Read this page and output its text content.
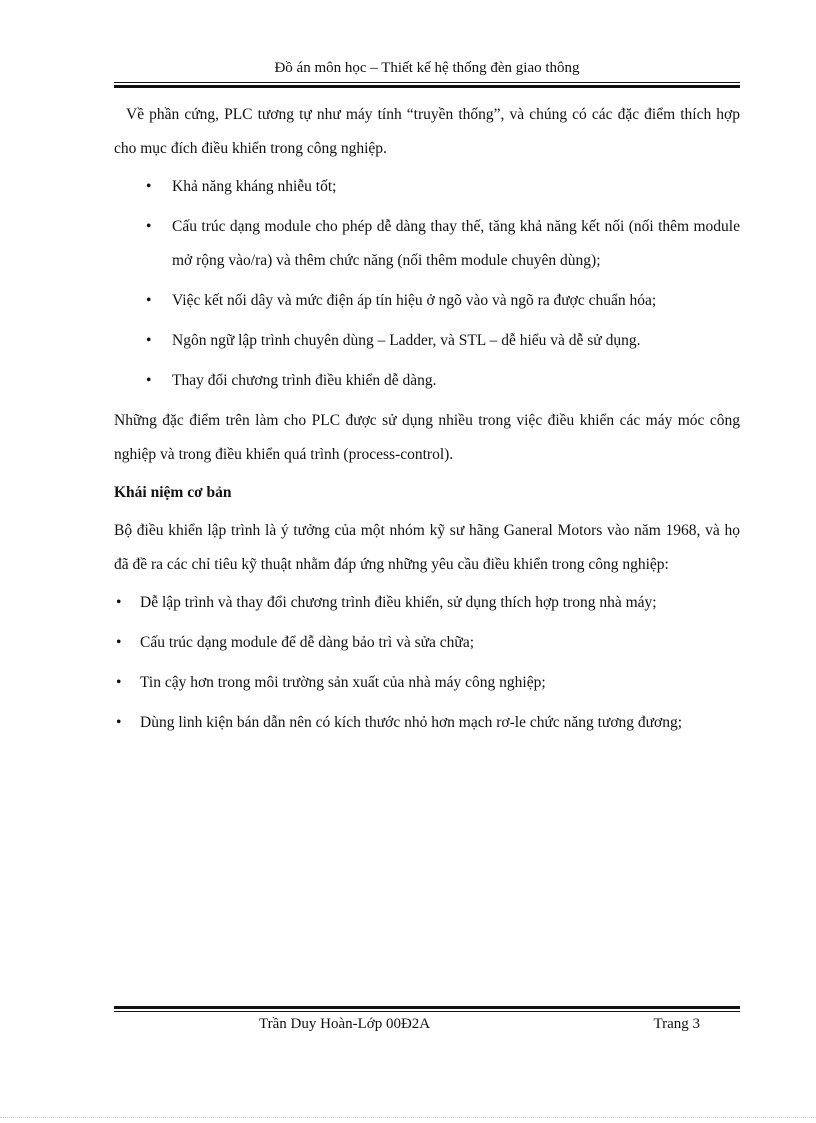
Đồ án môn học – Thiết kế hệ thống đèn giao thông

Về phần cứng, PLC tương tự như máy tính “truyền thống”, và chúng có các đặc điểm thích hợp cho mục đích điều khiển trong công nghiệp.

• Khả năng kháng nhiễu tốt;
• Cấu trúc dạng module cho phép dễ dàng thay thế, tăng khả năng kết nối (nối thêm module mở rộng vào/ra) và thêm chức năng (nối thêm module chuyên dùng);
• Việc kết nối dây và mức điện áp tín hiệu ở ngõ vào và ngõ ra được chuẩn hóa;
• Ngôn ngữ lập trình chuyên dùng – Ladder, và STL – dễ hiểu và dễ sử dụng.
• Thay đổi chương trình điều khiển dễ dàng.

Những đặc điểm trên làm cho PLC được sử dụng nhiều trong việc điều khiển các máy móc công nghiệp và trong điều khiển quá trình (process-control).

Khái niệm cơ bản

Bộ điều khiển lập trình là ý tưởng của một nhóm kỹ sư hãng Ganeral Motors vào năm 1968, và họ đã đề ra các chỉ tiêu kỹ thuật nhằm đáp ứng những yêu cầu điều khiển trong công nghiệp:

• Dễ lập trình và thay đổi chương trình điều khiển, sử dụng thích hợp trong nhà máy;
• Cấu trúc dạng module để dễ dàng bảo trì và sửa chữa;
• Tin cậy hơn trong môi trường sản xuất của nhà máy công nghiệp;
• Dùng linh kiện bán dẫn nên có kích thước nhỏ hơn mạch rơ-le chức năng tương đương;
Trần Duy Hoàn-Lớp 00Đ2A	Trang 3
